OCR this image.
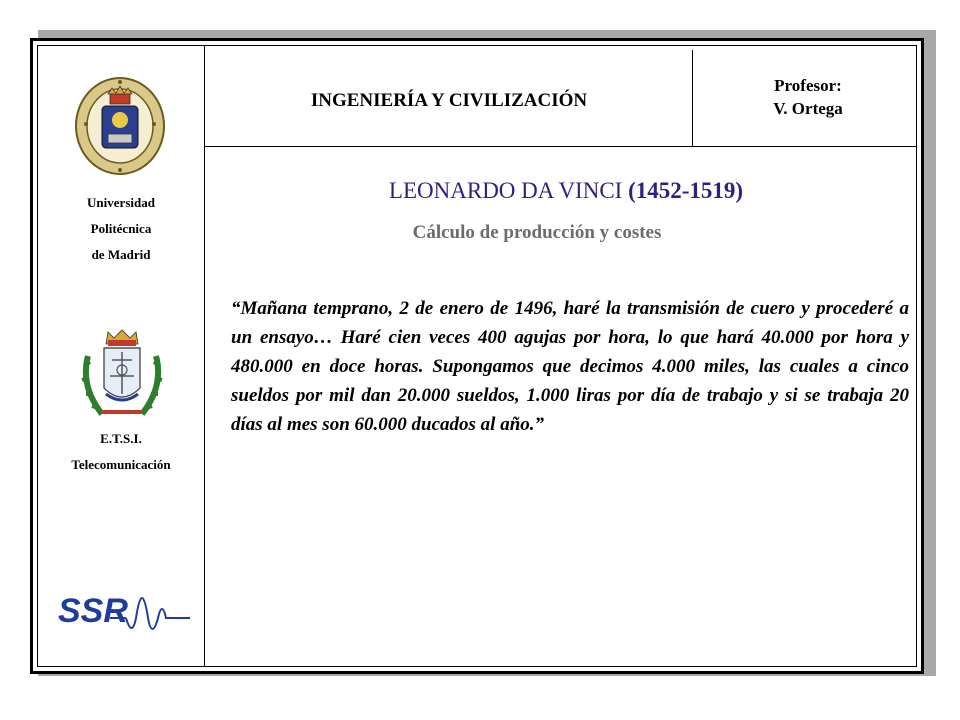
INGENIERÍA Y CIVILIZACIÓN
Profesor:
V. Ortega
Universidad
Politécnica
de Madrid
E.T.S.I.
Telecomunicación
SSR
LEONARDO DA VINCI (1452-1519)
Cálculo de producción y costes
“Mañana temprano, 2 de enero de 1496, haré la transmisión de cuero y procederé a un ensayo… Haré cien veces 400 agujas por hora, lo que hará 40.000 por hora y 480.000 en doce horas. Supongamos que decimos 4.000 miles, las cuales a cinco sueldos por mil dan 20.000 sueldos, 1.000 liras por día de trabajo y si se trabaja 20 días al mes son 60.000 ducados al año.”
